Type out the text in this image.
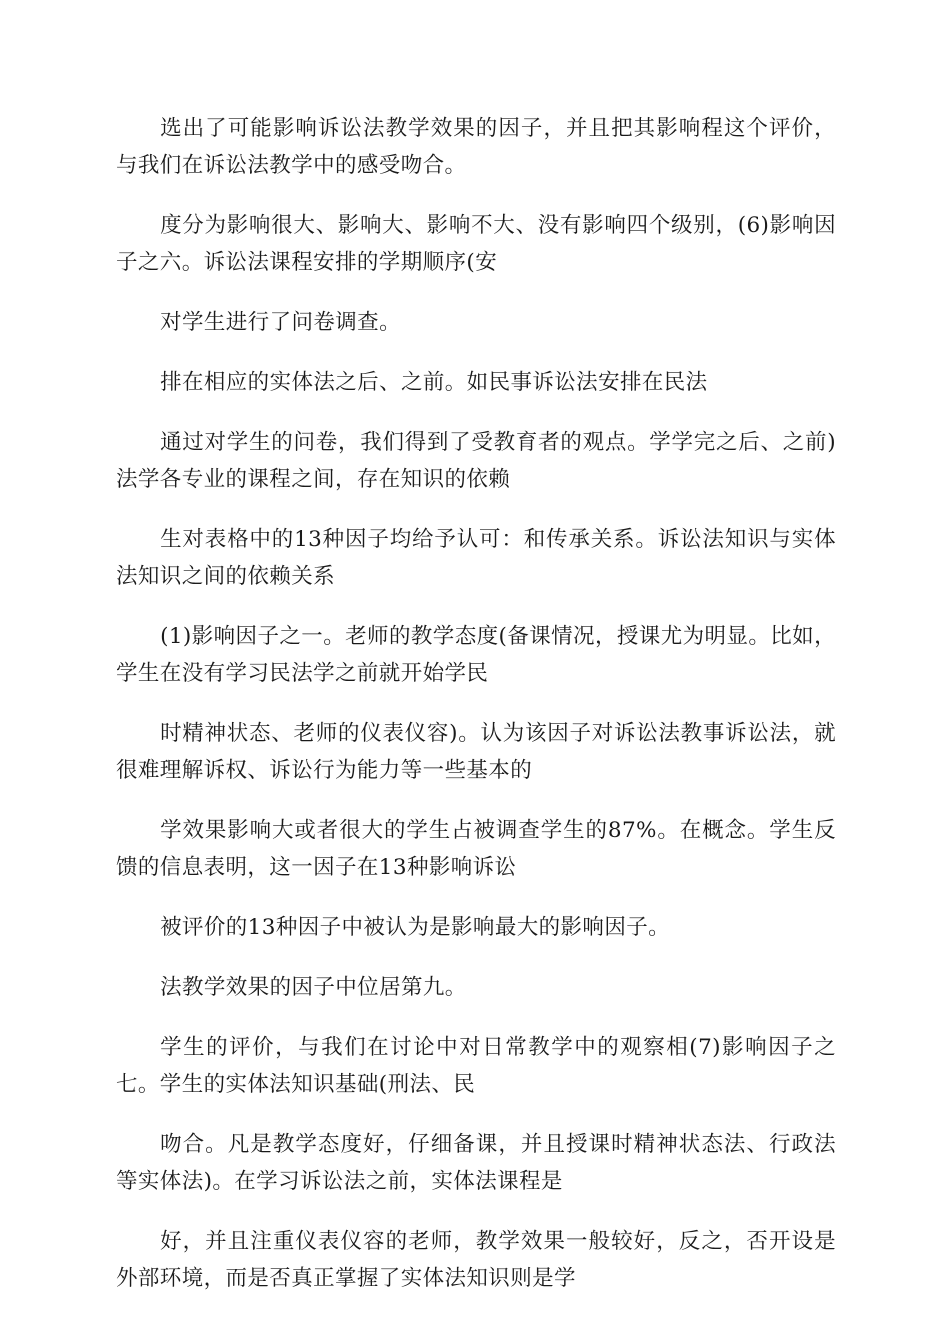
选出了可能影响诉讼法教学效果的因子，并且把其影响程这个评价，与我们在诉讼法教学中的感受吻合。

度分为影响很大、影响大、影响不大、没有影响四个级别，(6)影响因子之六。诉讼法课程安排的学期顺序(安

对学生进行了问卷调查。

排在相应的实体法之后、之前。如民事诉讼法安排在民法

通过对学生的问卷，我们得到了受教育者的观点。学学完之后、之前)法学各专业的课程之间，存在知识的依赖

生对表格中的13种因子均给予认可：和传承关系。诉讼法知识与实体法知识之间的依赖关系

(1)影响因子之一。老师的教学态度(备课情况，授课尤为明显。比如，学生在没有学习民法学之前就开始学民

时精神状态、老师的仪表仪容)。认为该因子对诉讼法教事诉讼法，就很难理解诉权、诉讼行为能力等一些基本的

学效果影响大或者很大的学生占被调查学生的87%。在概念。学生反馈的信息表明，这一因子在13种影响诉讼

被评价的13种因子中被认为是影响最大的影响因子。

法教学效果的因子中位居第九。

学生的评价，与我们在讨论中对日常教学中的观察相(7)影响因子之七。学生的实体法知识基础(刑法、民

吻合。凡是教学态度好，仔细备课，并且授课时精神状态法、行政法等实体法)。在学习诉讼法之前，实体法课程是

好，并且注重仪表仪容的老师，教学效果一般较好，反之，否开设是外部环境，而是否真正掌握了实体法知识则是学
